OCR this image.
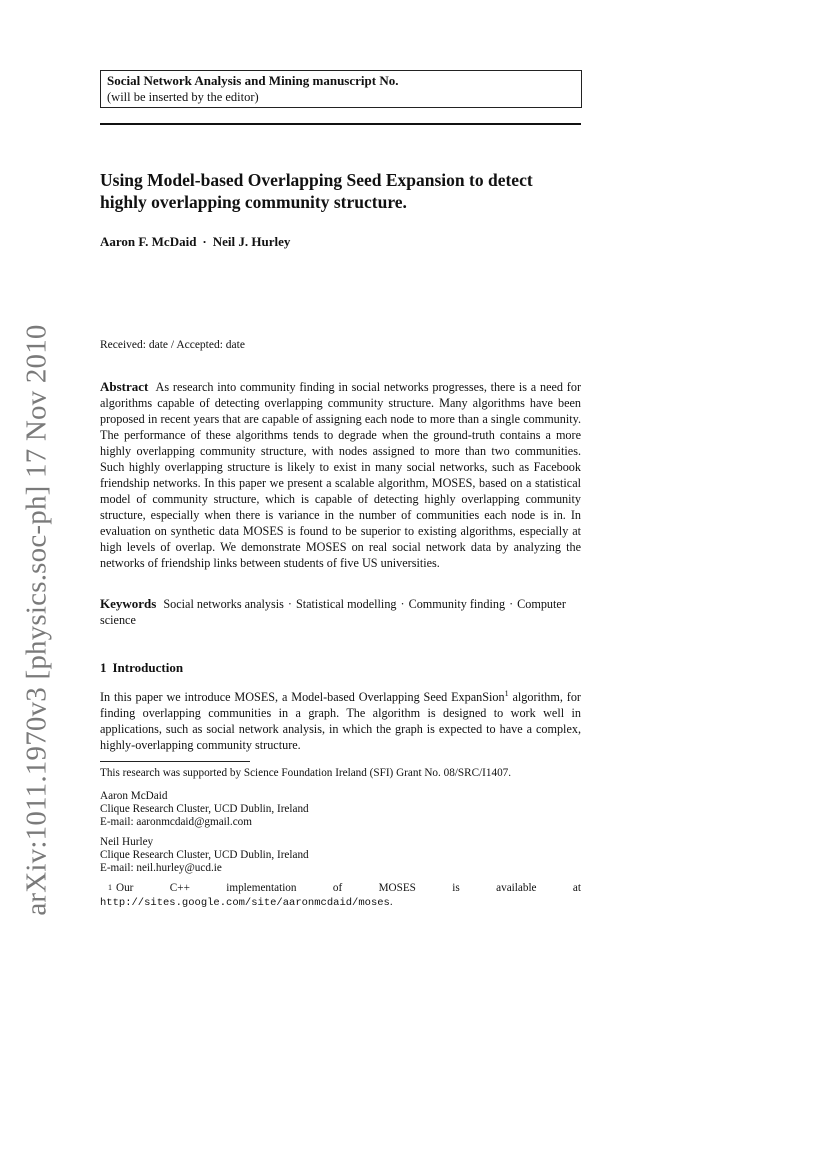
arXiv:1011.1970v3 [physics.soc-ph] 17 Nov 2010
Social Network Analysis and Mining manuscript No.
(will be inserted by the editor)
Using Model-based Overlapping Seed Expansion to detect highly overlapping community structure.
Aaron F. McDaid · Neil J. Hurley
Received: date / Accepted: date
Abstract As research into community finding in social networks progresses, there is a need for algorithms capable of detecting overlapping community structure. Many algorithms have been proposed in recent years that are capable of assigning each node to more than a single community. The performance of these algorithms tends to degrade when the ground-truth contains a more highly overlapping community structure, with nodes assigned to more than two communities. Such highly overlapping structure is likely to exist in many social networks, such as Facebook friendship networks. In this paper we present a scalable algorithm, MOSES, based on a statistical model of community structure, which is capable of detecting highly overlapping community structure, especially when there is variance in the number of communities each node is in. In evaluation on synthetic data MOSES is found to be superior to existing algorithms, especially at high levels of overlap. We demonstrate MOSES on real social network data by analyzing the networks of friendship links between students of five US universities.
Keywords Social networks analysis · Statistical modelling · Community finding · Computer science
1 Introduction
In this paper we introduce MOSES, a Model-based Overlapping Seed ExpanSion$^1$ algorithm, for finding overlapping communities in a graph. The algorithm is designed to work well in applications, such as social network analysis, in which the graph is expected to have a complex, highly-overlapping community structure.
This research was supported by Science Foundation Ireland (SFI) Grant No. 08/SRC/I1407.
Aaron McDaid
Clique Research Cluster, UCD Dublin, Ireland
E-mail: aaronmcdaid@gmail.com
Neil Hurley
Clique Research Cluster, UCD Dublin, Ireland
E-mail: neil.hurley@ucd.ie
$^1$ Our C++ implementation of MOSES is available at http://sites.google.com/site/aaronmcdaid/moses.
